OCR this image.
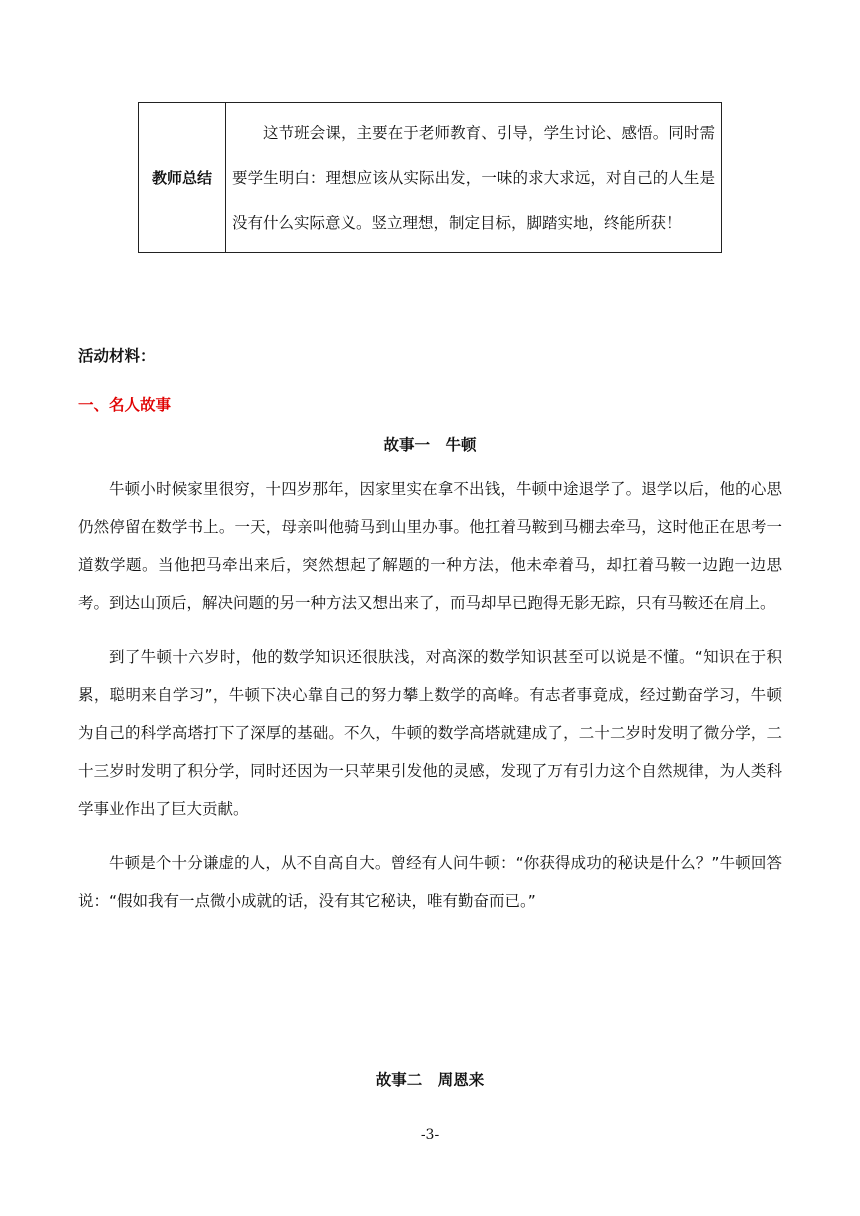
教师总结	这节班会课，主要在于老师教育、引导，学生讨论、感悟。同时需要学生明白：理想应该从实际出发，一味的求大求远，对自己的人生是没有什么实际意义。竖立理想，制定目标，脚踏实地，终能所获！
活动材料：
一、名人故事
故事一　牛顿

牛顿小时候家里很穷，十四岁那年，因家里实在拿不出钱，牛顿中途退学了。退学以后，他的心思仍然停留在数学书上。一天，母亲叫他骑马到山里办事。他扛着马鞍到马棚去牵马，这时他正在思考一道数学题。当他把马牵出来后，突然想起了解题的一种方法，他未牵着马，却扛着马鞍一边跑一边思考。到达山顶后，解决问题的另一种方法又想出来了，而马却早已跑得无影无踪，只有马鞍还在肩上。

到了牛顿十六岁时，他的数学知识还很肤浅，对高深的数学知识甚至可以说是不懂。“知识在于积累，聪明来自学习”，牛顿下决心靠自己的努力攀上数学的高峰。有志者事竟成，经过勤奋学习，牛顿为自己的科学高塔打下了深厚的基础。不久，牛顿的数学高塔就建成了，二十二岁时发明了微分学，二十三岁时发明了积分学，同时还因为一只苹果引发他的灵感，发现了万有引力这个自然规律，为人类科学事业作出了巨大贡献。

牛顿是个十分谦虚的人，从不自高自大。曾经有人问牛顿：“你获得成功的秘诀是什么？”牛顿回答说：“假如我有一点微小成就的话，没有其它秘诀，唯有勤奋而已。”

故事二　周恩来
-3-
